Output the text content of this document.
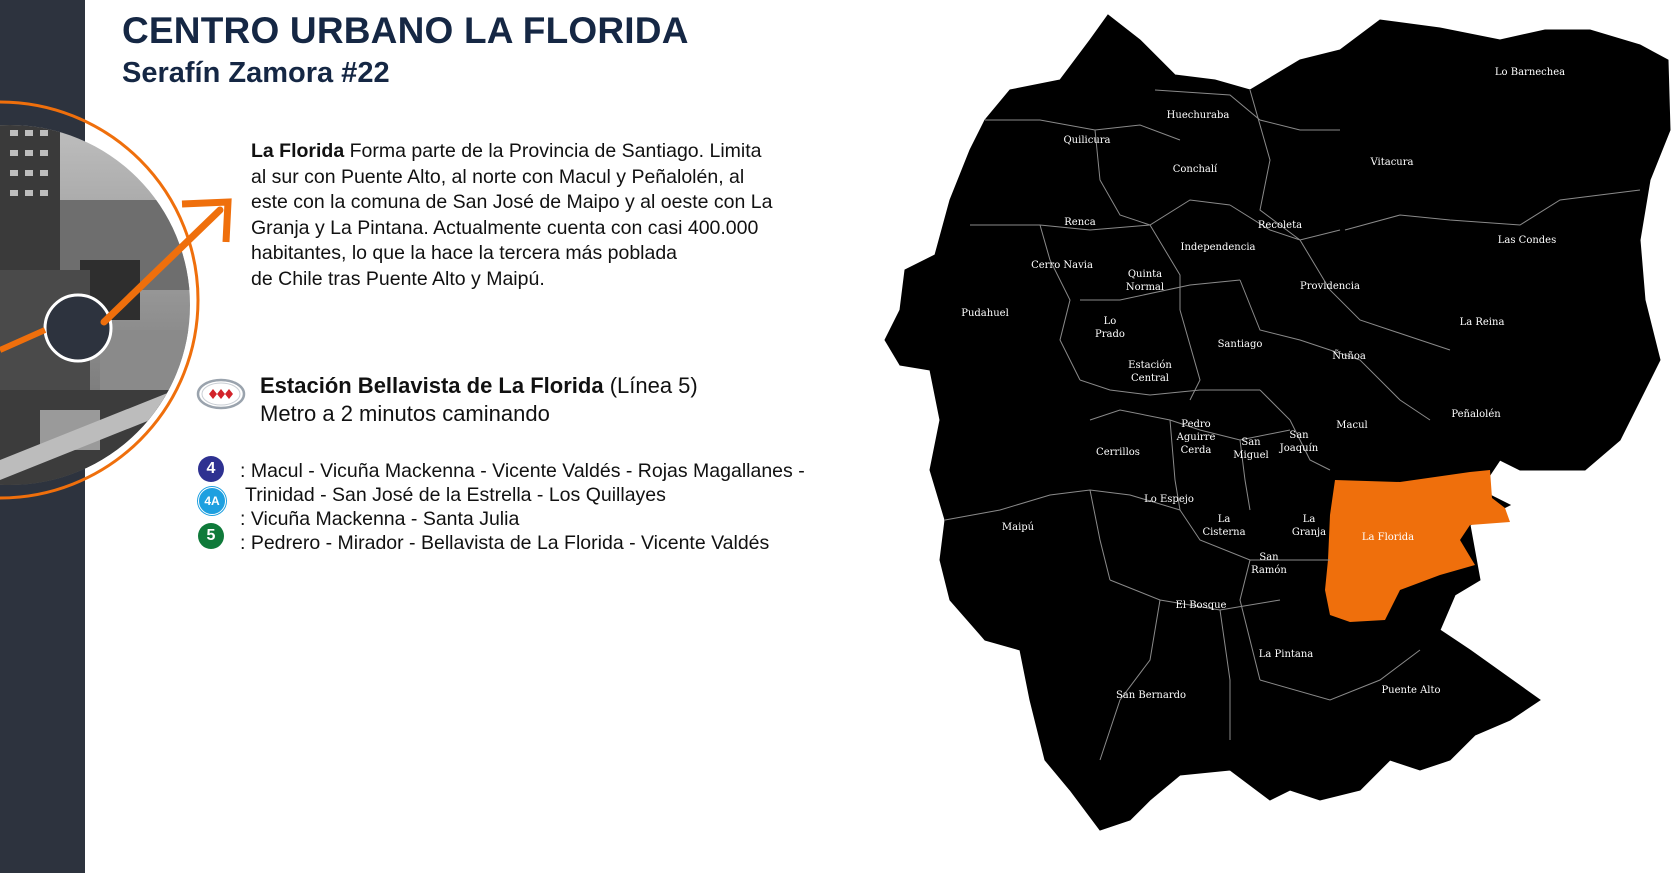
CENTRO URBANO LA FLORIDA
Serafín Zamora #22
La Florida Forma parte de la Provincia de Santiago. Limita
al sur con Puente Alto, al norte con Macul y Peñalolén, al
este con la comuna de San José de Maipo y al oeste con La
Granja y La Pintana. Actualmente cuenta con casi 400.000
habitantes, lo que la hace la tercera más poblada
de Chile tras Puente Alto y Maipú.
Estación Bellavista de La Florida (Línea 5)
Metro a 2 minutos caminando
4	: Macul - Vicuña Mackenna - Vicente Valdés - Rojas Magallanes -
Trinidad - San José de la Estrella - Los Quillayes
4A
: Vicuña Mackenna - Santa Julia
5	: Pedrero - Mirador - Bellavista de La Florida - Vicente Valdés
Lo Barnechea
Huechuraba
Quilicura
Conchalí
Vitacura
Renca	Recoleta
Independencia
Las Condes
Cerro Navia
Quinta
Normal	Providencia
Pudahuel
Lo
Prado
La Reina
Santiago
Ñuñoa
Estación
Central
Peñalolén
Pedro
Aguirre
Cerda
Macul
Cerrillos
San
Miguel
San
Joaquín
Lo Espejo
La
Cisterna
La
Granja
Maipú
La Florida
San
Ramón
El Bosque
La Pintana
Puente Alto
San Bernardo
